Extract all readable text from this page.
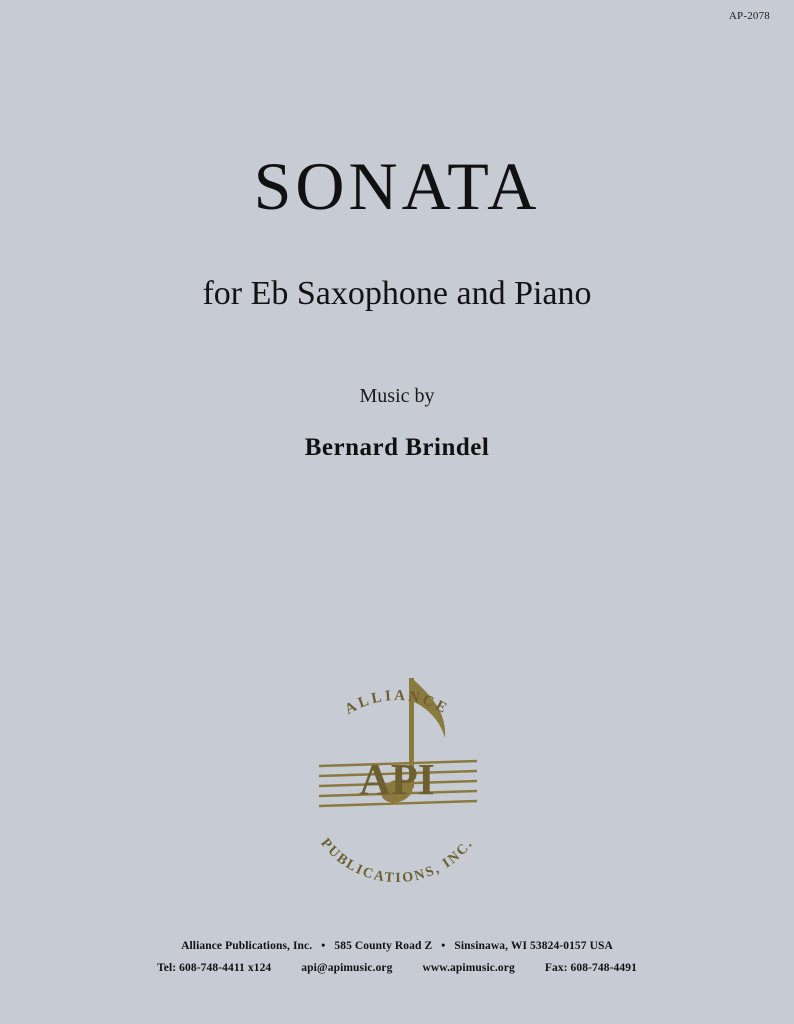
AP-2078
SONATA
for Eb Saxophone and Piano
Music by
Bernard Brindel
API
ALLIANCE
PUBLICATIONS, INC.
Alliance Publications, Inc. • 585 County Road Z • Sinsinawa, WI 53824-0157 USA
Tel: 608-748-4411 x124	api@apimusic.org	www.apimusic.org	Fax: 608-748-4491
